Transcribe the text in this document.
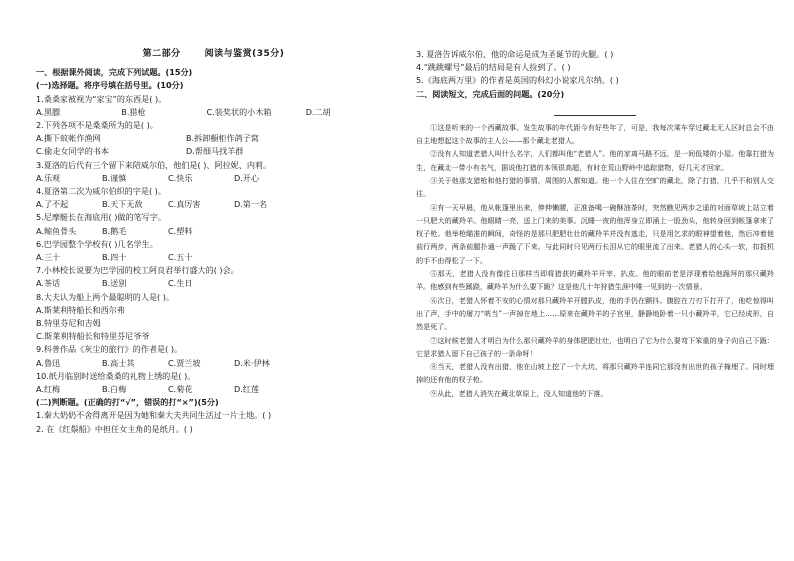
第二部分	阅读与鉴赏(35分)

一、根据课外阅读，完成下列试题。(15分)

(一)选择题。将序号填在括号里。(10分)

1.桑桑家被视为“家宝”的东西是( )。

A.黑膘	B.猎枪	C.装奖状的小木箱	D.二胡

2.下列各项不是桑桑所为的是( )。

A.撕下蚊帐作渔网	B.拆卸橱柜作鸽子窝

C.偷走女同学的书本	D.帮细马找羊群

3.夏洛的后代有三个留下来陪威尔伯，他们是( )、阿拉妮、内莉。

A.乐观	B.谨慎	C.快乐	D.开心

4.夏洛第二次为威尔伯织的字是( )。

A.了不起	B.天下无敌	C.真厉害	D.第一名

5.尼摩艇长在海底用( )做的笔写字。

A.鲸鱼骨头	B.鹅毛	C.塑料

6.巴学园整个学校有( )几名学生。

A.三十	B.四十	C.五十

7.小林校长说要为巴学园的校工阿良君举行盛大的( )会。

A.茶话	B.送别	C.生日

8.大夫认为船上两个最聪明的人是( )。

A.斯莱利特船长和西尔弗

B.特里芬尼和吉姆

C.斯莱利特船长和特里芬尼爷爷

9.科普作品《灰尘的旅行》的作者是( )。

A.鲁迅	B.高士其	C.贾兰坡	D.米·伊林

10.纸月临别时送给桑桑的礼物上绣的是( )。

A.红梅	B.白梅	C.菊花	D.红莲

(二)判断题。(正确的打“√”，错误的打“×”)(5分)

1.秦大奶奶不舍得离开是因为她和秦大夫共同生活过一片土地。( )

2. 在《红鬃船》中担任女主角的是纸月。( )

3. 夏洛告诉威尔伯，他的命运是成为圣诞节的火腿。( )

4.“跳跳螺号”最后的结局是有人捡到了。( )

5.《海底两万里》的作者是英国的科幻小说家凡尔纳。( )

二、阅读短文，完成后面的问题。(20分)

①这是听来的一个西藏故事。发生故事的年代距今有好些年了，可是，我每次乘车穿过藏北无人区时总会不由自主地想起这个故事的主人公——那个藏北老猎人。

②没有人知道老猎人叫什么名字，人们都叫他“老猎人”。他的家离马路不远，是一间低矮的小屋。他靠打猎为生，在藏北一带小有名气，据说他打猎的本领很高超，有时在荒山野岭中追踪猎物，好几天才回家。

③关于他那支猎枪和他打猎的事情，周围的人都知道。他一个人住在空旷的藏北，除了打猎，几乎不和别人交往。

④有一天早晨，他从帐篷里出来，伸伸懒腰，正准备喝一碗酥油茶时，突然瞧见两步之遥的对面草坡上站立着一只肥大的藏羚羊。他眼睛一亮，送上门来的美事。沉睡一夜的他浑身立即涌上一股劲头，他转身回到帐篷拿来了杈子枪。他举枪瞄准的瞬间，奇怪的是那只肥肥壮壮的藏羚羊并没有逃走，只是用乞求的眼神望着他，然后冲着他前行两步，两条前腿扑通一声跪了下来。与此同时只见两行长泪从它的眼里流了出来。老猎人的心头一软，扣扳机的手不由得松了一下。

⑤那天，老猎人没有像往日那样当即将猎获的藏羚羊开宰、扒皮。他的眼前老是浮现着给他跪拜的那只藏羚羊。他感到有些蹊跷，藏羚羊为什么要下跪？这是他几十年狩猎生涯中唯一见到的一次情景。

⑥次日，老猎人怀着不安的心情对那只藏羚羊开膛扒皮，他的手仍在颤抖。腹腔在刀刃下打开了，他吃惊得叫出了声，手中的屠刀“咣当”一声掉在地上……原来在藏羚羊的子宫里，静静地卧着一只小藏羚羊，它已经成形，自然是死了。

⑦这时候老猎人才明白为什么那只藏羚羊的身体肥肥壮壮，也明白了它为什么要弯下笨重的身子向自己下跪：它是求猎人留下自己孩子的一条命呀！

⑧当天，老猎人没有出猎，他在山坡上挖了一个大坑，将那只藏羚羊连同它那没有出世的孩子掩埋了。同时埋掉的还有他的杈子枪。

⑨从此，老猎人消失在藏北草原上，没人知道他的下落。
